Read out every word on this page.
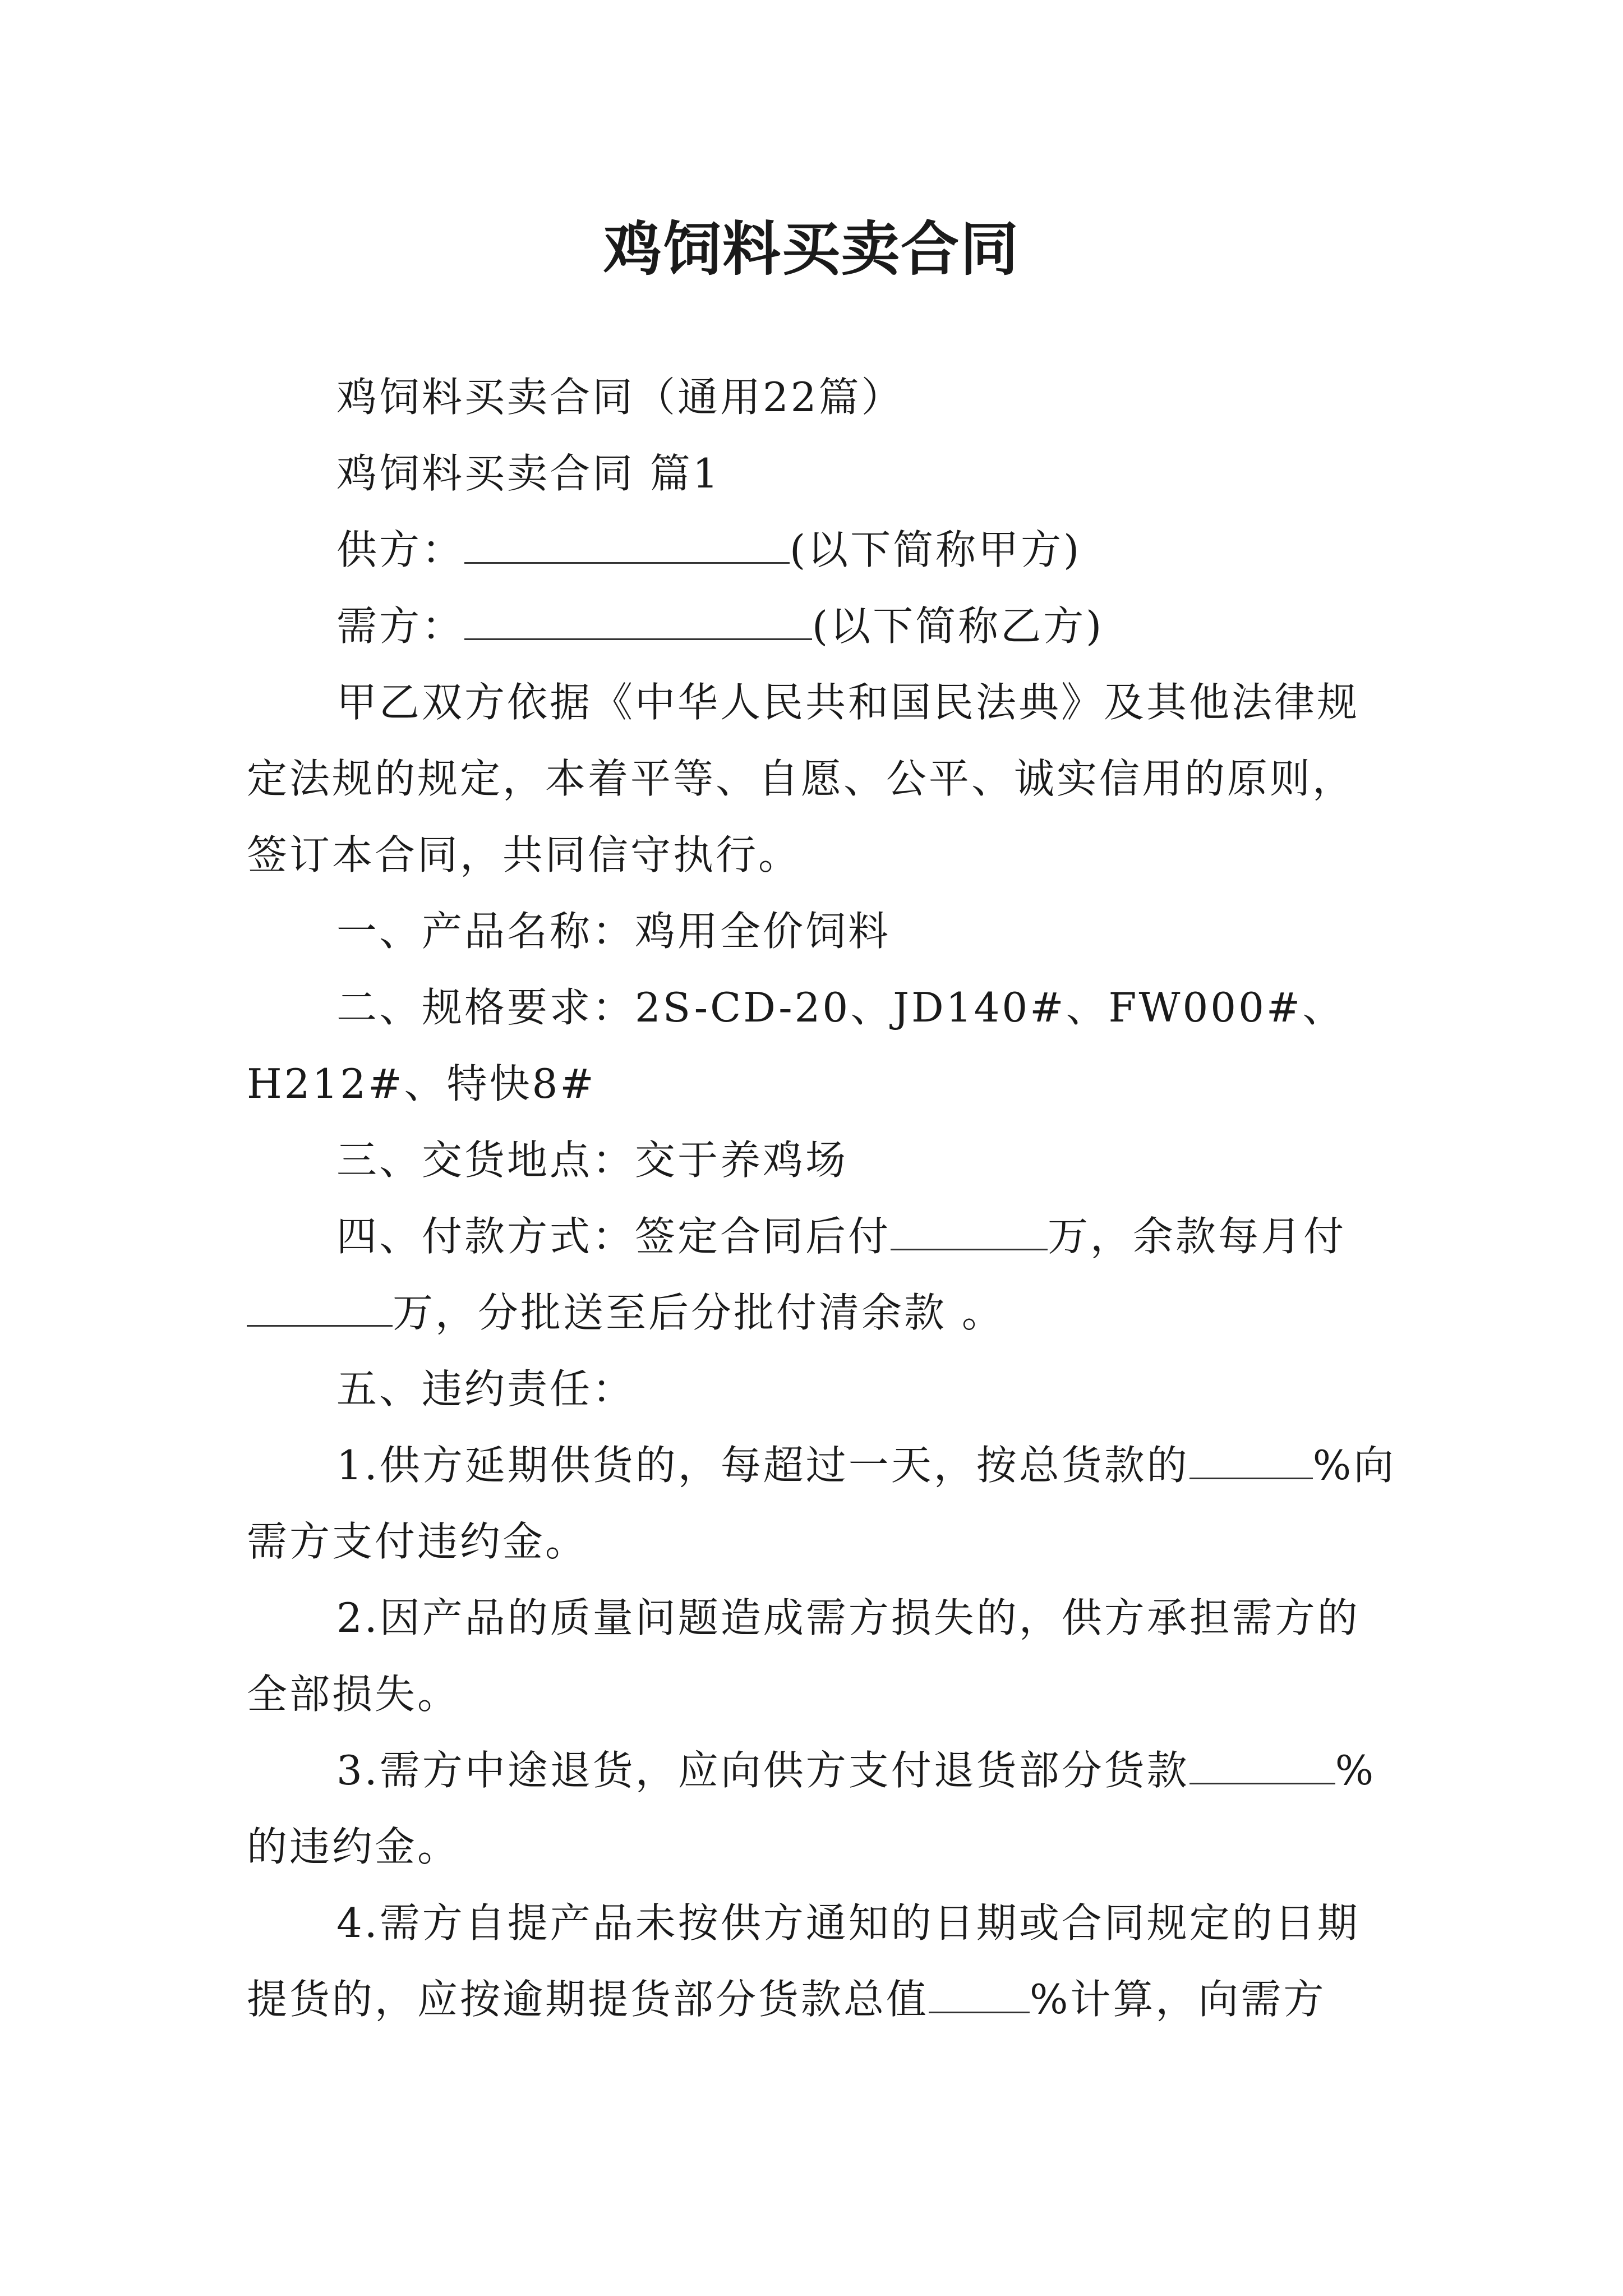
鸡饲料买卖合同

鸡饲料买卖合同（通用22篇）

鸡饲料买卖合同 篇1

供方：	(以下简称甲方)

需方：	(以下简称乙方)

甲乙双方依据《中华人民共和国民法典》及其他法律规定法规的规定，本着平等、自愿、公平、诚实信用的原则，签订本合同，共同信守执行。

一、产品名称：鸡用全价饲料

二、规格要求：2S-CD-20、JD140#、FW000#、H212#、特快8#

三、交货地点：交于养鸡场

四、付款方式：签定合同后付	万，余款每月付万，分批送至后分批付清余款 。

五、违约责任：

1.供方延期供货的，每超过一天，按总货款的	%向需方支付违约金。

2.因产品的质量问题造成需方损失的，供方承担需方的全部损失。

3.需方中途退货，应向供方支付退货部分货款	%的违约金。

4.需方自提产品未按供方通知的日期或合同规定的日期提货的，应按逾期提货部分货款总值	%计算，向需方
